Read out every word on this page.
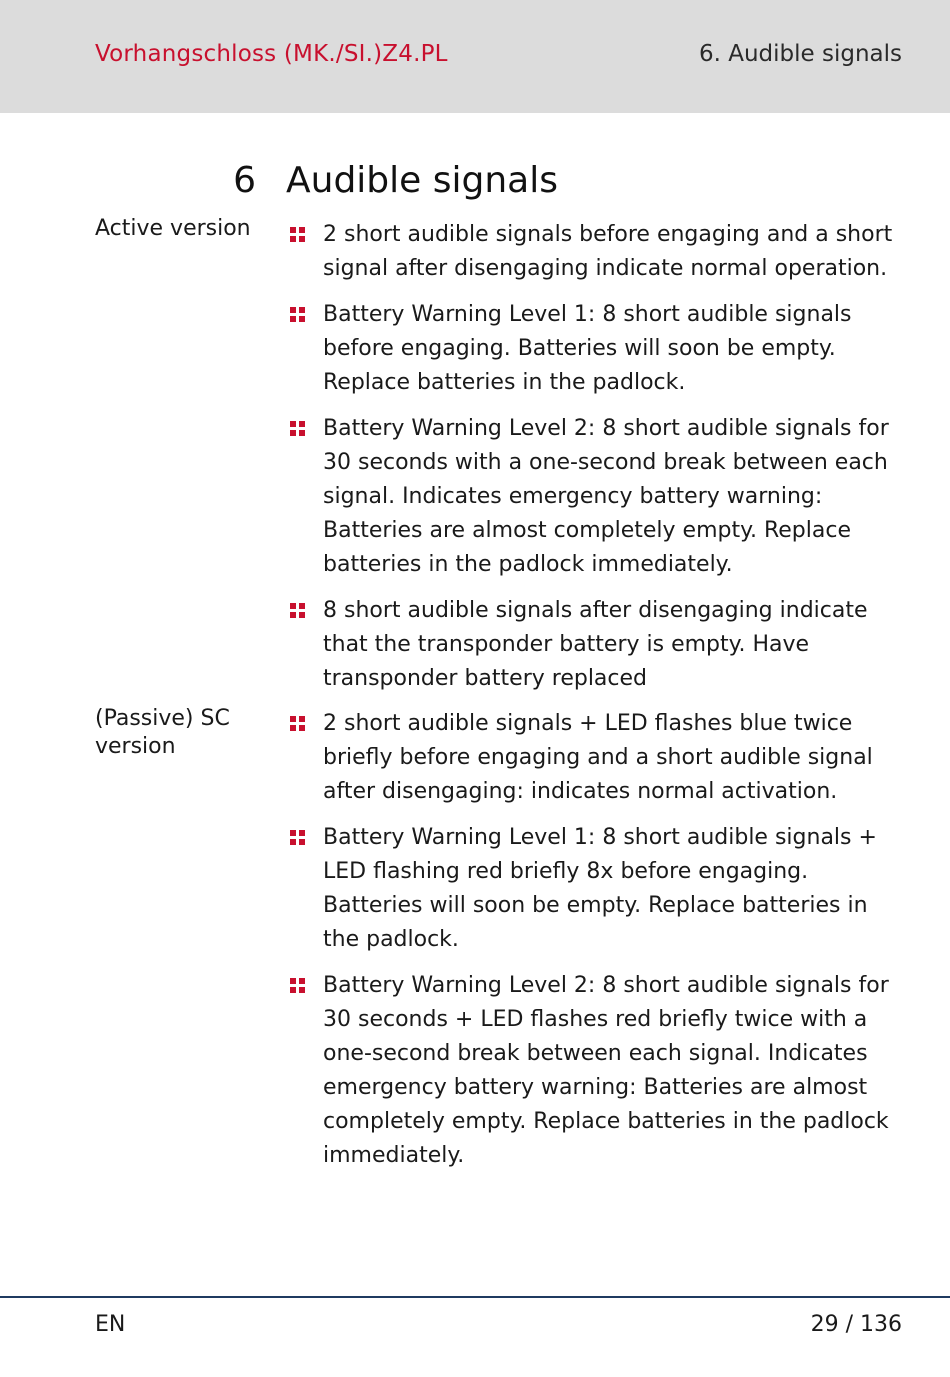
Vorhangschloss (MK./SI.)Z4.PL	6. Audible signals
6 Audible signals
Active version	2 short audible signals before engaging and a short signal after disengaging indicate normal operation.
Battery Warning Level 1: 8 short audible signals before engaging. Batteries will soon be empty. Replace batteries in the padlock.
Battery Warning Level 2: 8 short audible signals for 30 seconds with a one-second break between each signal. Indicates emergency battery warning: Batteries are almost completely empty. Replace batteries in the padlock immediately.
8 short audible signals after disengaging indicate that the transponder battery is empty. Have transponder battery replaced
(Passive) SC version
2 short audible signals + LED flashes blue twice briefly before engaging and a short audible signal after disengaging: indicates normal activation.
Battery Warning Level 1: 8 short audible signals + LED flashing red briefly 8x before engaging. Batteries will soon be empty. Replace batteries in the padlock.
Battery Warning Level 2: 8 short audible signals for 30 seconds + LED flashes red briefly twice with a one-second break between each signal. Indicates emergency battery warning: Batteries are almost completely empty. Replace batteries in the padlock immediately.
EN	29 / 136
